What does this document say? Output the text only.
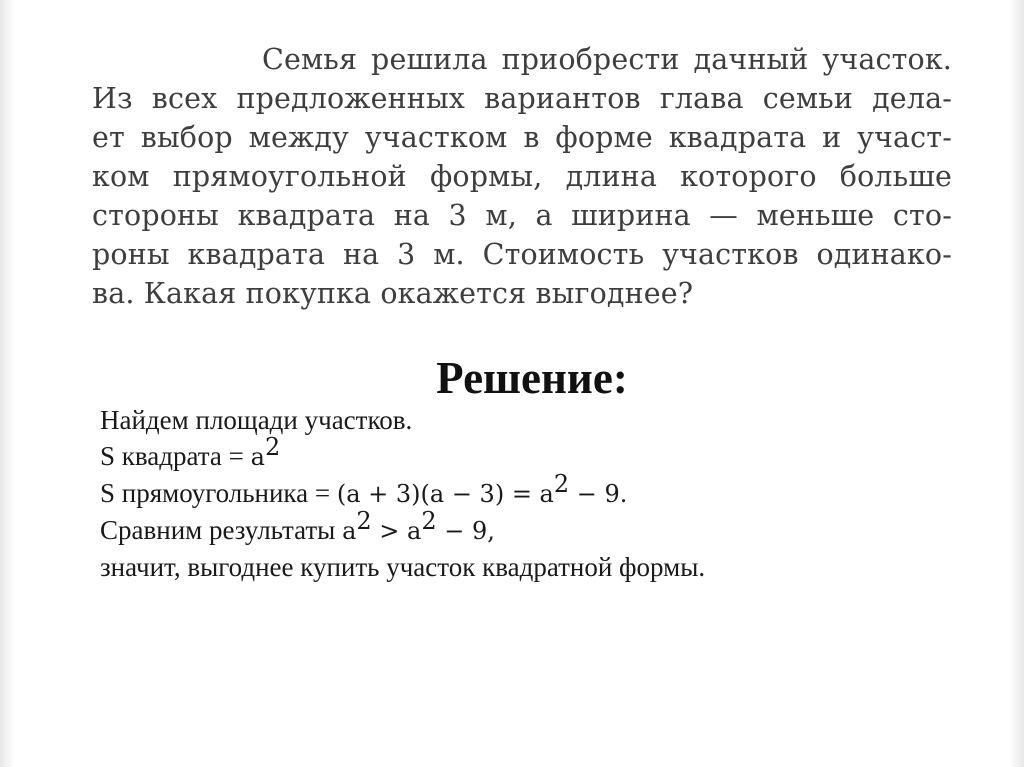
Семья решила приобрести дачный участок.
Из всех предложенных вариантов глава семьи дела-
ет выбор между участком в форме квадрата и участ-
ком прямоугольной формы, длина которого больше
стороны квадрата на 3 м, а ширина — меньше сто-
роны квадрата на 3 м. Стоимость участков одинако-
ва. Какая покупка окажется выгоднее?
Решение:
Найдем площади участков.
S квадрата = $a^2$
S прямоугольника = $(a + 3)(a - 3) = a^2 - 9$.
Сравним результаты $a^2 > a^2 - 9$,
значит, выгоднее купить участок квадратной формы.
